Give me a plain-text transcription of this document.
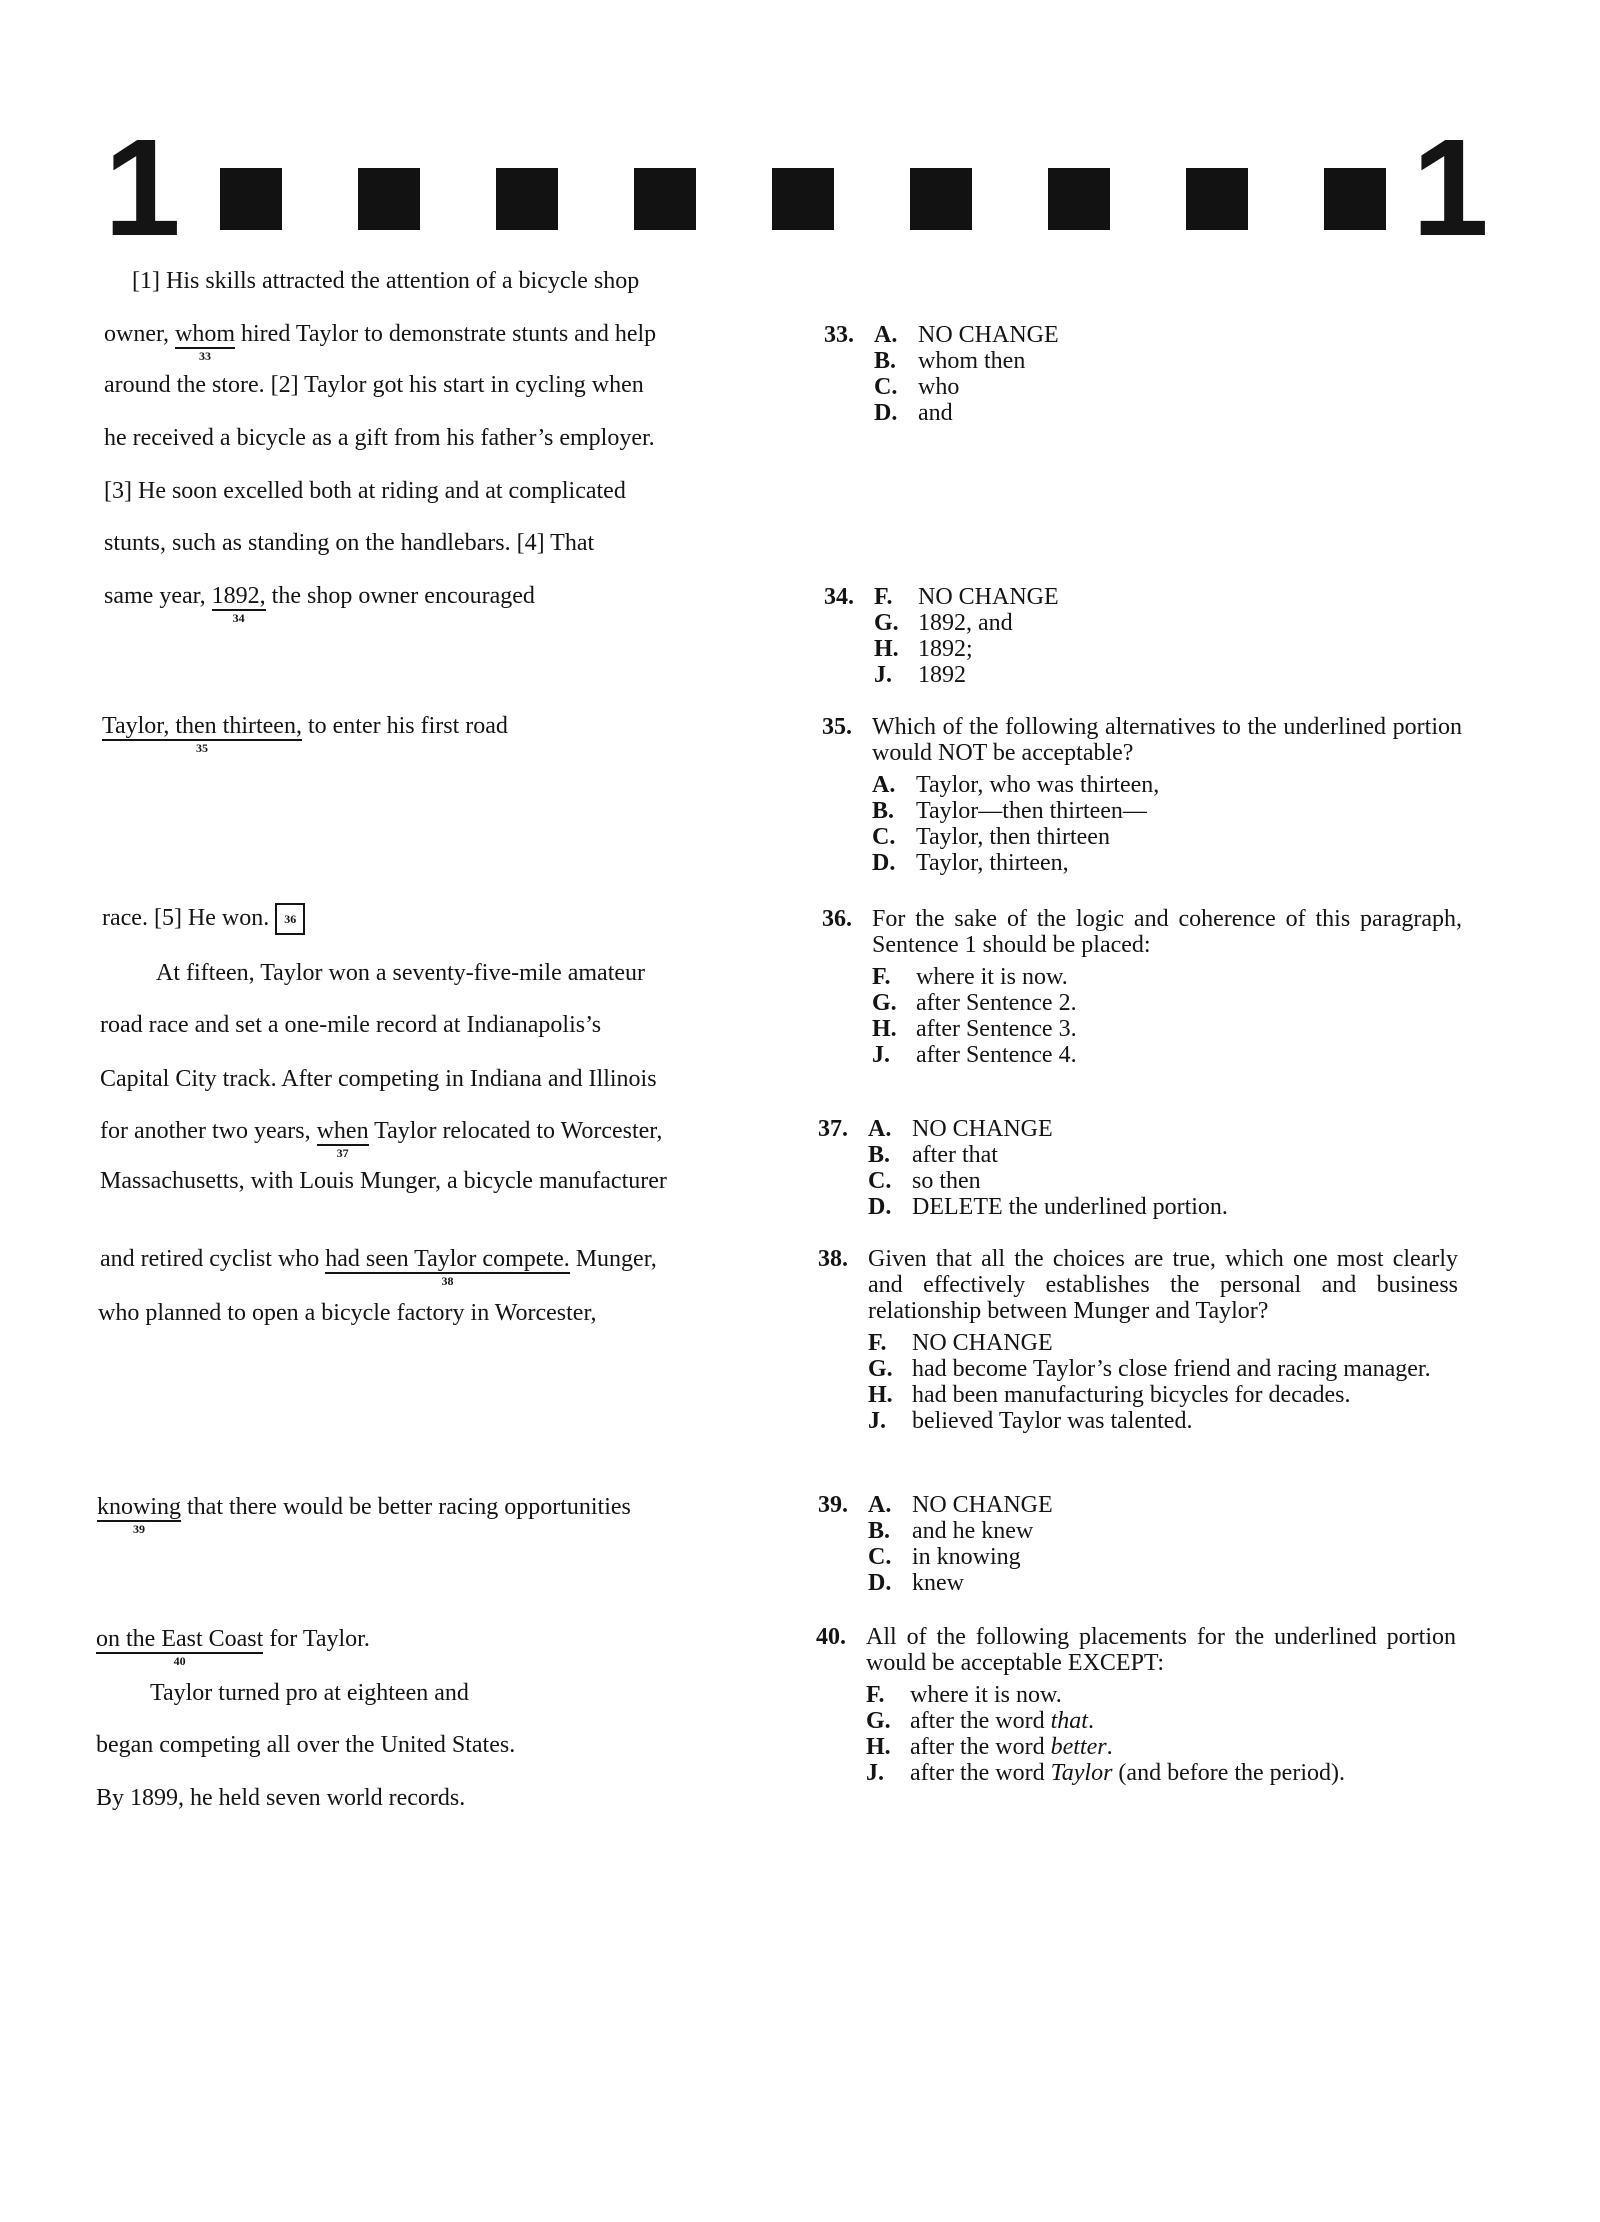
1	1
[1] His skills attracted the attention of a bicycle shop
owner, whom
33
hired Taylor to demonstrate stunts and help
around the store. [2] Taylor got his start in cycling when
he received a bicycle as a gift from his father’s employer.
[3] He soon excelled both at riding and at complicated
stunts, such as standing on the handlebars. [4] That
same year, 1892,
34
the shop owner encouraged
Taylor, then thirteen,
35
to enter his first road
race. [5] He won. 36
At fifteen, Taylor won a seventy-five-mile amateur
road race and set a one-mile record at Indianapolis’s
Capital City track. After competing in Indiana and Illinois
for another two years, when
37
Taylor relocated to Worcester,
Massachusetts, with Louis Munger, a bicycle manufacturer
and retired cyclist who had seen Taylor compete.
38
Munger,
who planned to open a bicycle factory in Worcester,
knowing
39
that there would be better racing opportunities
on the East Coast
40
for Taylor.
Taylor turned pro at eighteen and
began competing all over the United States.
By 1899, he held seven world records.
33. A. NO CHANGE
B. whom then
C. who
D. and
34. F.	NO CHANGE
G. 1892, and
H. 1892;
J.	1892
35. Which of the following alternatives to the underlined portion would NOT be acceptable?
A. Taylor, who was thirteen,
B. Taylor—then thirteen—
C. Taylor, then thirteen
D. Taylor, thirteen,
36. For the sake of the logic and coherence of this paragraph, Sentence 1 should be placed:
F.	where it is now.
G. after Sentence 2.
H. after Sentence 3.
J.	after Sentence 4.
37. A. NO CHANGE
B. after that
C. so then
D. DELETE the underlined portion.
38. Given that all the choices are true, which one most clearly and effectively establishes the personal and business relationship between Munger and Taylor?
F.	NO CHANGE
G. had become Taylor’s close friend and racing manager.
H. had been manufacturing bicycles for decades.
J.	believed Taylor was talented.
39. A. NO CHANGE
B. and he knew
C. in knowing
D. knew
40. All of the following placements for the underlined portion would be acceptable EXCEPT:
F.	where it is now.
G. after the word that.
H. after the word better.
J.	after the word Taylor (and before the period).
